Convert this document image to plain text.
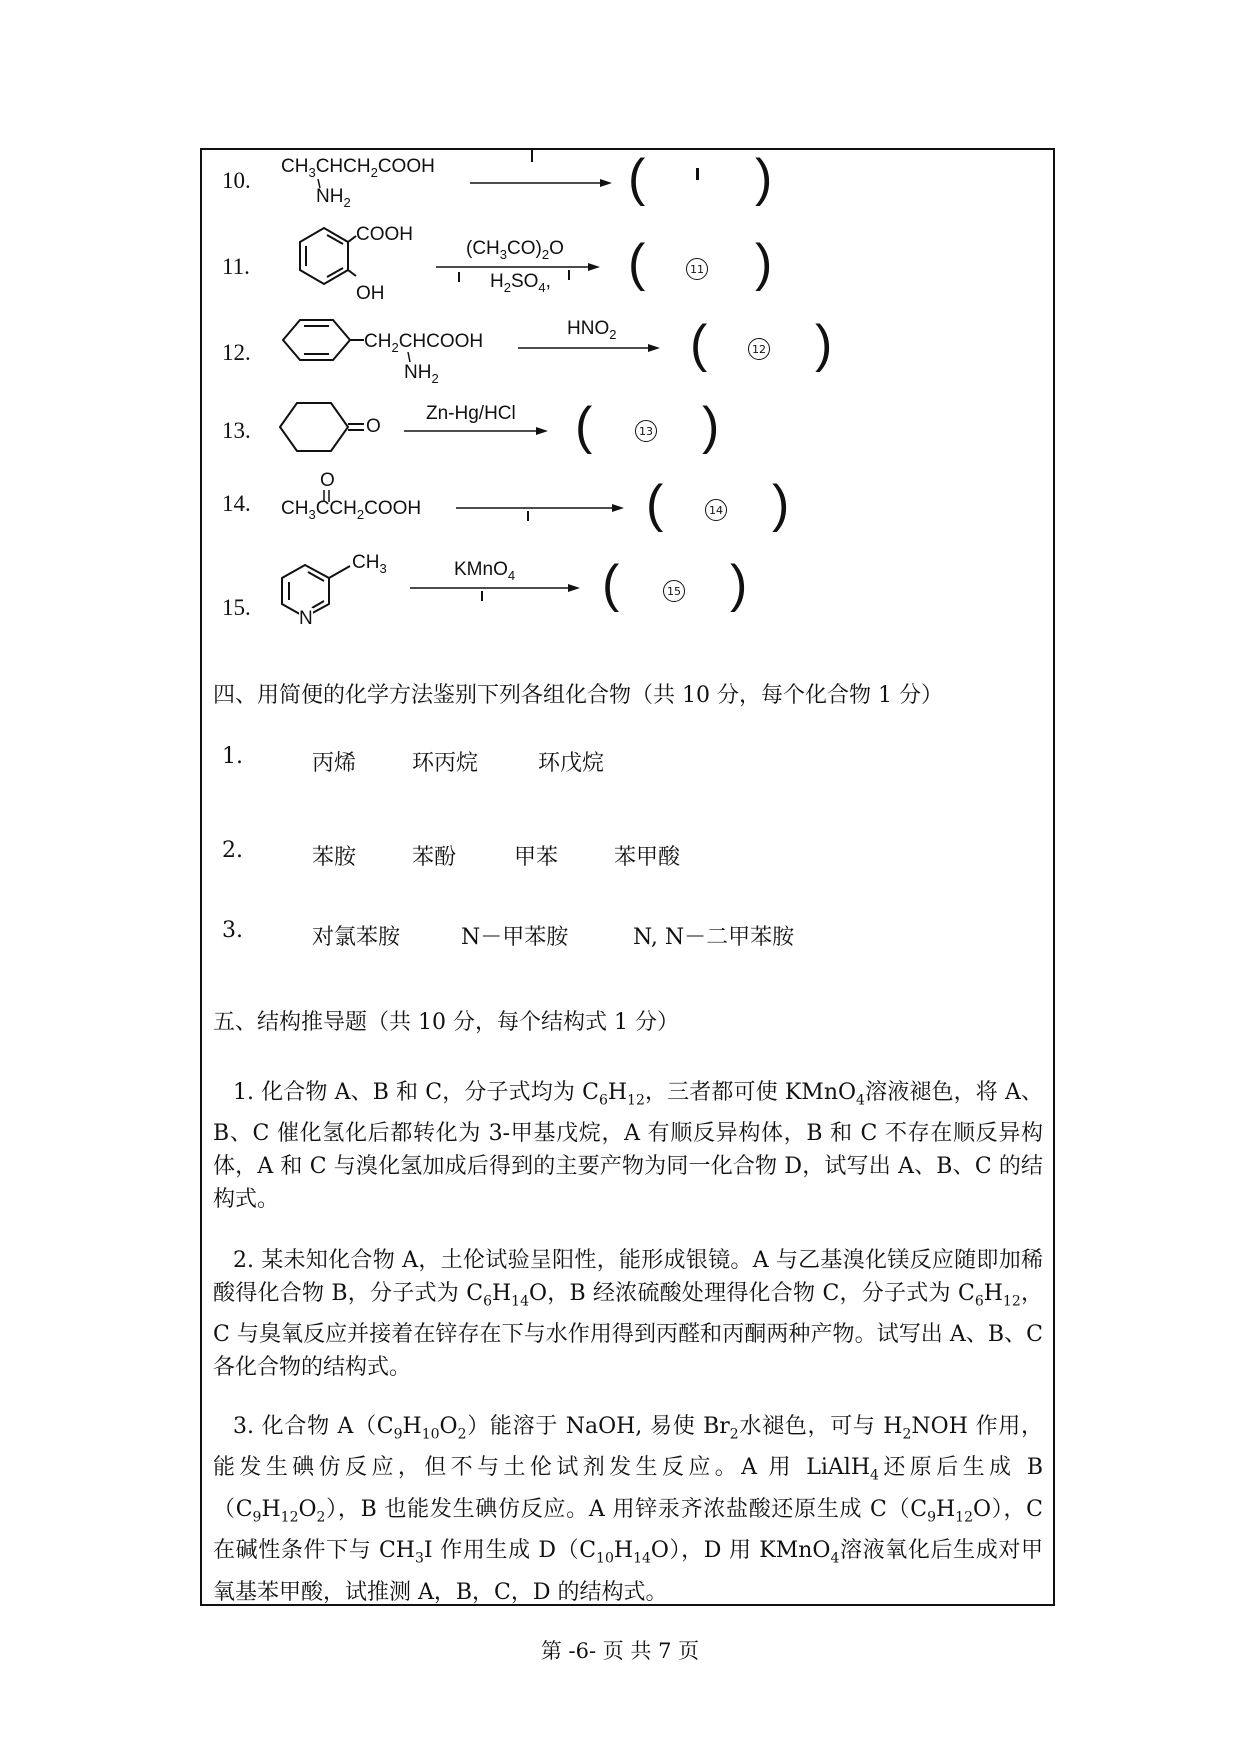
10.
$CH_3CHCH_2COOH$
$NH_2$	( )
11.
COOH
OH
$(CH_3CO)_2O$
$H_2SO_4$, (	11 )
12.	$CH_2CHCOOH$
$NH_2$
$HNO_2$ (	12 )
13.	O
Zn-Hg/HCl (	13 )
14.
O
$CH_3CCH_2COOH$	(	14 )
15.
$CH_3$
N
KMnO$_4$ (	15 )
四、用简便的化学方法鉴别下列各组化合物（共 10 分，每个化合物 1 分）
1.	丙烯	环丙烷	环戊烷
2.	苯胺	苯酚	甲苯	苯甲酸
3.	对氯苯胺	N－甲苯胺	N, N－二甲苯胺
五、结构推导题（共 10 分，每个结构式 1 分）
1. 化合物 A、B 和 C，分子式均为 $C_6H_{12}$，三者都可使 KMnO$_4$溶液褪色，将 A、B、C 催化氢化后都转化为 3-甲基戊烷，A 有顺反异构体，B 和 C 不存在顺反异构体，A 和 C 与溴化氢加成后得到的主要产物为同一化合物 D，试写出 A、B、C 的结构式。
2. 某未知化合物 A，土伦试验呈阳性，能形成银镜。A 与乙基溴化镁反应随即加稀酸得化合物 B，分子式为 $C_6H_{14}O$，B 经浓硫酸处理得化合物 C，分子式为 $C_6H_{12}$，C 与臭氧反应并接着在锌存在下与水作用得到丙醛和丙酮两种产物。试写出 A、B、C 各化合物的结构式。
3. 化合物 $A(C_9H_{10}O_2)$能溶于 NaOH, 易使 $Br_2$水褪色，可与 $H_2NOH$ 作用，能发生碘仿反应，但不与土伦试剂发生反应。A 用 LiAlH$_4$还原后生成 $B(C_9H_{12}O_2)$，B 也能发生碘仿反应。A 用锌汞齐浓盐酸还原生成 $C(C_9H_{12}O)$，C 在碱性条件下与 $CH_3I$ 作用生成 $D(C_{10}H_{14}O)$，D 用 KMnO$_4$溶液氧化后生成对甲氧基苯甲酸，试推测 A，B，C，D 的结构式。
第 -6- 页 共 7 页
